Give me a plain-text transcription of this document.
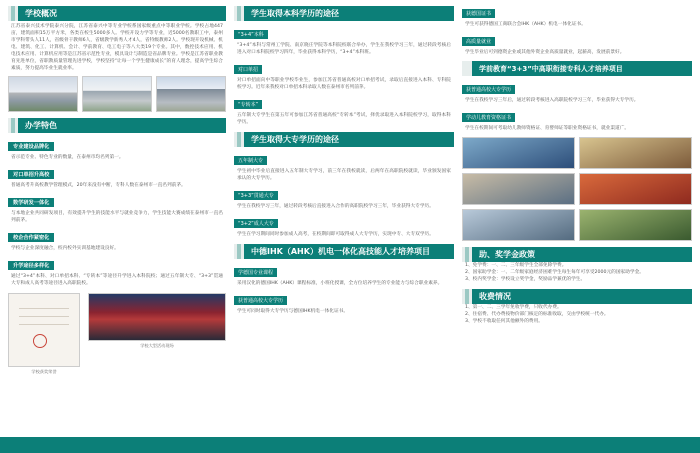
学校概况

江苏省泰兴技术学院泰兴分院，江苏省泰兴中等专业学校系国家级重点中等职业学校。学校占地447亩，建筑面积15万平方米，各类在校生5000多人。学校开设力学等专业，近5000名教职工中，泰州市学科带头人11人，省级骨干教师6人，省级教学新秀人才4人，省特级教师2人。学校现开设机械、机电、建筑、化工、计算机、会计、学前教育、电工电子等八大类19个专业。其中，数控技术应用、机电技术应用、计算机应用等是江苏省示范性专业，模具设计与制造是省品牌专业。学校是江苏省职业教育先进单位，省职教质量管理先进学校，学校坚持“让每一个学生健康成长”的育人理念，提高学生综合素质，努力提高毕业生就业率。

办学特色
专业建设品牌化

省示范专业、特色专业的数量，在泰州市均名列第一。

对口单招升高校

普通高考升高校教学管理模式，20年来没有中断，专科人数在泰州市一直名列前茅。

数学研发一体化

与本地企业共同研发项目，有效提升学生的技能水平与就业竞争力，学生技能大赛成绩在泰州市一直名列前茅。

校企合作紧密化

学校与企业深度融合，校内校外实训基地建设良好。

升学途径多样化

通过“3+4”本科、对口单招本科、“专转本”等途径升学进入本科院校；通过五年制大专、“3+3”贯通大专和成人高考等途径进入高职院校。

学校获奖荣誉
学校大型活动现场
学生取得本科学历的途径
“3+4”本科

“3+4”本科与常州工学院、南京晓庄学院等本科院校联合举办，学生在我校学习三年，通过转段考核后进入对口本科院校学习四年，毕业获得本科学历，“3+4”本科班。

对口单招

对口单招面向中等职业学校毕业生，参加江苏省普通高校对口单招考试，录取后直接进入本科、专科院校学习。近年来我校对口单招本科录取人数在泰州市名列前茅。

“专转本”

五年制大专学生在第五年可参加江苏省普通高校“专转本”考试，择优录取进入本科院校学习，取得本科学历。

学生取得大专学历的途径
五年制大专

学生初中毕业后直接进入五年制大专学习，前三年在我校就读，后两年在高职院校就读，毕业颁发国家承认的大专学历。

“3+3”贯通大专

学生在我校学习三年，通过转段考核后直接进入合作的高职院校学习三年，毕业获得大专学历。

“3+2”成人大专

学生在学习期间同时参加成人高考，在校期间即可取得成人大专学历，实现中专、大专双学历。

中德IHK（AHK）机电一体化高技能人才培养项目
学德国专业课程

采用汉化的德国IHK（AHK）课程标准，小班化授课，全方位培养学生的专业能力与综合职业素养。

获普通高校大专学历

学生可同时取得大专学历与德国IHK机电一体化证书。

获德国证书

学生可获得德国工商联合会IHK（AHK）机电一体化证书。

高质量就业

学生毕业后可到德资企业或其他外资企业高质量就业，起薪高，发展前景好。

学前教育“3+3”中高职衔接专科人才培养项目
获普通高校大专学历

学生在我校学习三年后，通过转段考核进入高职院校学习三年，毕业获得大专学历。

学动儿教育资格证书

学生在校期间可考取幼儿教师资格证、育婴师证等职业资格证书，就业渠道广。

助、奖学金政策

1、免学费：一、二、三年级学生全部免除学费。

2、国家助学金：一、二年级家庭经济困难学生每生每年可享受2000元的国家助学金。

3、校内奖学金：学校设立奖学金，奖励品学兼优的学生。

收费情况

1、第一、二、三学年免收学费，只收代办费。

2、住宿费、代办费按物价部门核定的标准收取，交由学校统一代办。

3、学校不收取任何其他额外的费用。
